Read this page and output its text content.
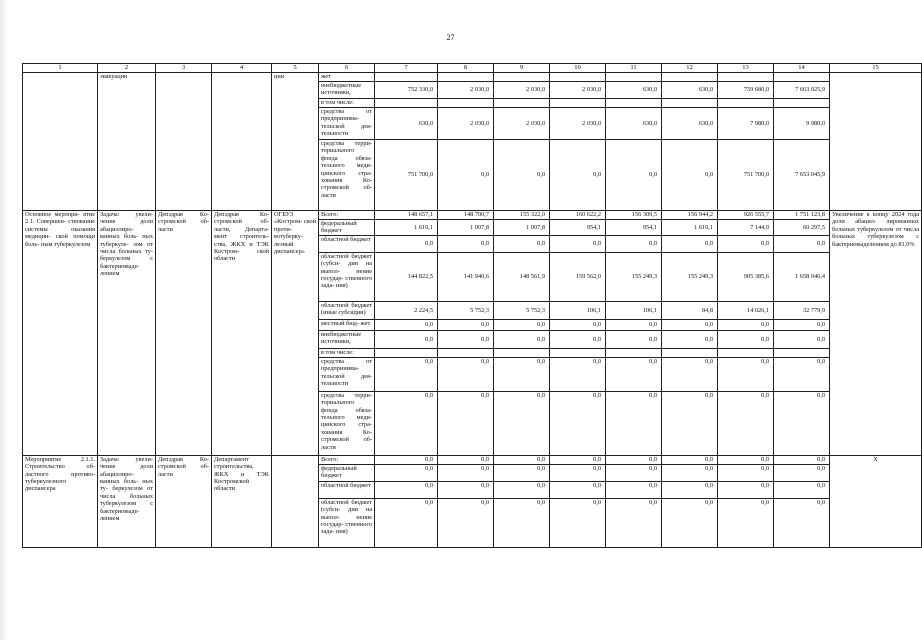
27
1	2	3	4	5	6	7	8	9	10	11	12	13	14	15
	эвакуации			ции	жет									
					внебюджетные источники,	752 330,0	2 030,0	2 030,0	2 030,0	630,0	630,0	759 680,0	7 663 025,9	
					в том числе:									
					средства от предпринима- тельской дея- тельности	630,0	2 030,0	2 030,0	2 030,0	630,0	630,0	7 980,0	9 980,0	
					средства терри- ториального фонда обяза- тельного меди- цинского стра- хования Ко- стромской об- ласти	751 700,0	0,0	0,0	0,0	0,0	0,0	751 700,0	7 653 045,9	
Основное меропри- ятие 2.1. Совершен- ствование системы оказания медицин- ской помощи боль- ным туберкулезом	Задача: увели- чение доли абациллиро- ванных боль- ных туберкуле- зом от числа больных ту- беркулезом с бактериовыде- лением	Депздрав Ко- стромской об- ласти	Депздрав Ко- стромской об- ласти, Департа- мент строитель- ства, ЖКХ и ТЭК Костром- ской области	ОГБУЗ «Костром- ской проти- вотуберку- лезный диспансер»	Всего:	148 657,1	148 700,7	155 322,0	160 622,2	156 309,5	156 944,2	926 555,7	1 751 123,8	Увеличение к концу 2024 года доли абацил- лированных больных туберкулезом от числа больных туберкулезом с бактериовыделением до 81,0%
					федеральный бюджет	1 610,1	1 007,8	1 007,8	954,1	954,1	1 610,1	7 144,0	60 297,5	
					областной бюджет	0,0	0,0	0,0	0,0	0,0	0,0	0,0	0,0	
					областной бюджет (субси- дии на выпол- нение государ- ственного зада- ния)	144 822,5	141 940,6	148 561,9	159 562,0	155 249,3	155 249,3	905 385,6	1 658 046,4	
					областной бюджет (иные субсидии)	2 224,5	5 752,3	5 752,3	106,1	106,1	84,8	14 026,1	32 779,9	
					местный бюд- жет	0,0	0,0	0,0	0,0	0,0	0,0	0,0	0,0	
					внебюджетные источники,	0,0	0,0	0,0	0,0	0,0	0,0	0,0	0,0	
					в том числе:									
					средства от предпринима- тельской дея- тельности	0,0	0,0	0,0	0,0	0,0	0,0	0,0	0,0	
					средства терри- ториального фонда обяза- тельного меди- цинского стра- хования Ко- стромской об- ласти	0,0	0,0	0,0	0,0	0,0	0,0	0,0	0,0	
Мероприятие 2.1.1. Строительство об- ластного противо- туберкулезного диспансера	Задача: увели- чение доли абациллиро- ванных боль- ных ту- беркулезом от числа больных туберкулезом с бактериовыде- лением	Депздрав Ко- стромской об- ласти	Департамент строительства, ЖКХ и ТЭК Костромской области		Всего:	0,0	0,0	0,0	0,0	0,0	0,0	0,0	0,0	X
					федеральный бюджет	0,0	0,0	0,0	0,0	0,0	0,0	0,0	0,0	
					областной бюджет	0,0	0,0	0,0	0,0	0,0	0,0	0,0	0,0	
					областной бюджет (субси- дии на выпол- нение государ- ственного зада- ния)	0,0	0,0	0,0	0,0	0,0	0,0	0,0	0,0	
